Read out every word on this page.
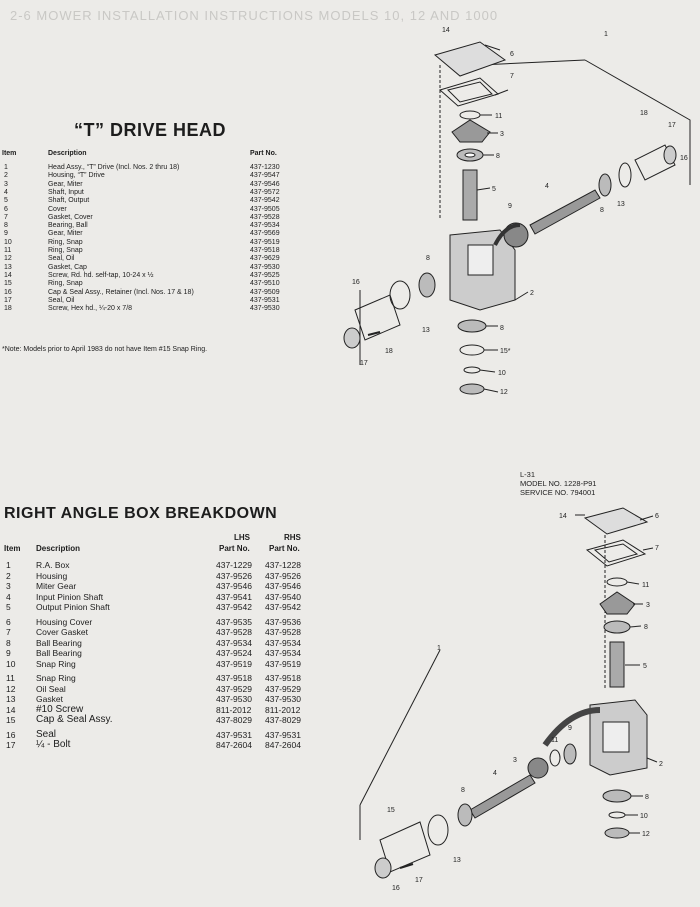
2-6 MOWER INSTALLATION INSTRUCTIONS MODELS 10, 12 AND 1000
“T” DRIVE HEAD
Item	Description	Part No.
1	Head Assy., “T” Drive (Incl. Nos. 2 thru 18)	437-1230
2	Housing, “T” Drive	437-9547
3	Gear, Miter	437-9546
4	Shaft, Input	437-9572
5	Shaft, Output	437-9542
6	Cover	437-9505
7	Gasket, Cover	437-9528
8	Bearing, Ball	437-9534
9	Gear, Miter	437-9569
10	Ring, Snap	437-9519
11	Ring, Snap	437-9518
12	Seal, Oil	437-9629
13	Gasket, Cap	437-9530
14	Screw, Rd. hd. self-tap, 10-24 x ½	437-9525
15	Ring, Snap	437-9510
16	Cap & Seal Assy., Retainer (Incl. Nos. 17 & 18)	437-9509
17	Seal, Oil	437-9531
18	Screw, Hex hd., ¼-20 x 7/8	437-9530
*Note: Models prior to April 1983 do not have Item #15 Snap Ring.
RIGHT ANGLE BOX BREAKDOWN
Item Description
LHS
Part No.
RHS
Part No.
1	R.A. Box	437-1229 437-1228
2	Housing	437-9526 437-9526
3	Miter Gear	437-9546 437-9546
4	Input Pinion Shaft	437-9541 437-9540
5	Output Pinion Shaft	437-9542 437-9542
6	Housing Cover	437-9535 437-9536
7	Cover Gasket	437-9528 437-9528
8	Ball Bearing	437-9534 437-9534
9	Ball Bearing	437-9524 437-9534
10 Snap Ring	437-9519 437-9519
11 Snap Ring	437-9518 437-9518
12 Oil Seal	437-9529 437-9529
13 Gasket	437-9530 437-9530
14 #10 Screw	811-2012 811-2012
15 Cap & Seal Assy.	437-8029 437-8029
16 Seal	437-9531 437-9531
17 ¼ - Bolt	847-2604 847-2604
L-31
MODEL NO. 1228-P91
SERVICE NO. 794001
14
6
1
7
11
3
8
5	4
9
8
2
16
13
18
17
8
8
15*
10
12
18
17
16
13
14	6
7
11
3
8
5
1
11
9
3
2
8
4
8
10
12
15
13
17
16
